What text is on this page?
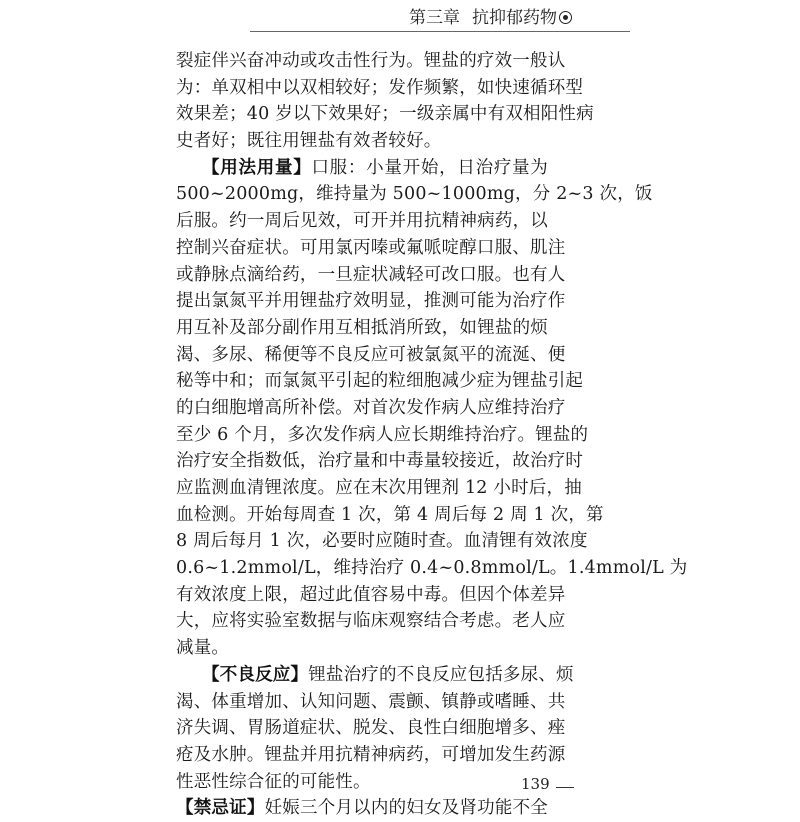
第三章 抗抑郁药物
裂症伴兴奋冲动或攻击性行为。锂盐的疗效一般认
为：单双相中以双相较好；发作频繁，如快速循环型
效果差；40 岁以下效果好；一级亲属中有双相阳性病
史者好；既往用锂盐有效者较好。
【用法用量】口服：小量开始，日治疗量为
500~2000mg，维持量为 500~1000mg，分 2~3 次，饭
后服。约一周后见效，可开并用抗精神病药，以
控制兴奋症状。可用氯丙嗪或氟哌啶醇口服、肌注
或静脉点滴给药，一旦症状减轻可改口服。也有人
提出氯氮平并用锂盐疗效明显，推测可能为治疗作
用互补及部分副作用互相抵消所致，如锂盐的烦
渴、多尿、稀便等不良反应可被氯氮平的流涎、便
秘等中和；而氯氮平引起的粒细胞减少症为锂盐引起
的白细胞增高所补偿。对首次发作病人应维持治疗
至少 6 个月，多次发作病人应长期维持治疗。锂盐的
治疗安全指数低，治疗量和中毒量较接近，故治疗时
应监测血清锂浓度。应在末次用锂剂 12 小时后，抽
血检测。开始每周查 1 次，第 4 周后每 2 周 1 次，第
8 周后每月 1 次，必要时应随时查。血清锂有效浓度
0.6~1.2mmol/L，维持治疗 0.4~0.8mmol/L。1.4mmol/L 为
有效浓度上限，超过此值容易中毒。但因个体差异
大，应将实验室数据与临床观察结合考虑。老人应
减量。
【不良反应】锂盐治疗的不良反应包括多尿、烦
渴、体重增加、认知问题、震颤、镇静或嗜睡、共
济失调、胃肠道症状、脱发、良性白细胞增多、痤
疮及水肿。锂盐并用抗精神病药，可增加发生药源
性恶性综合征的可能性。
【禁忌证】妊娠三个月以内的妇女及肾功能不全
139
